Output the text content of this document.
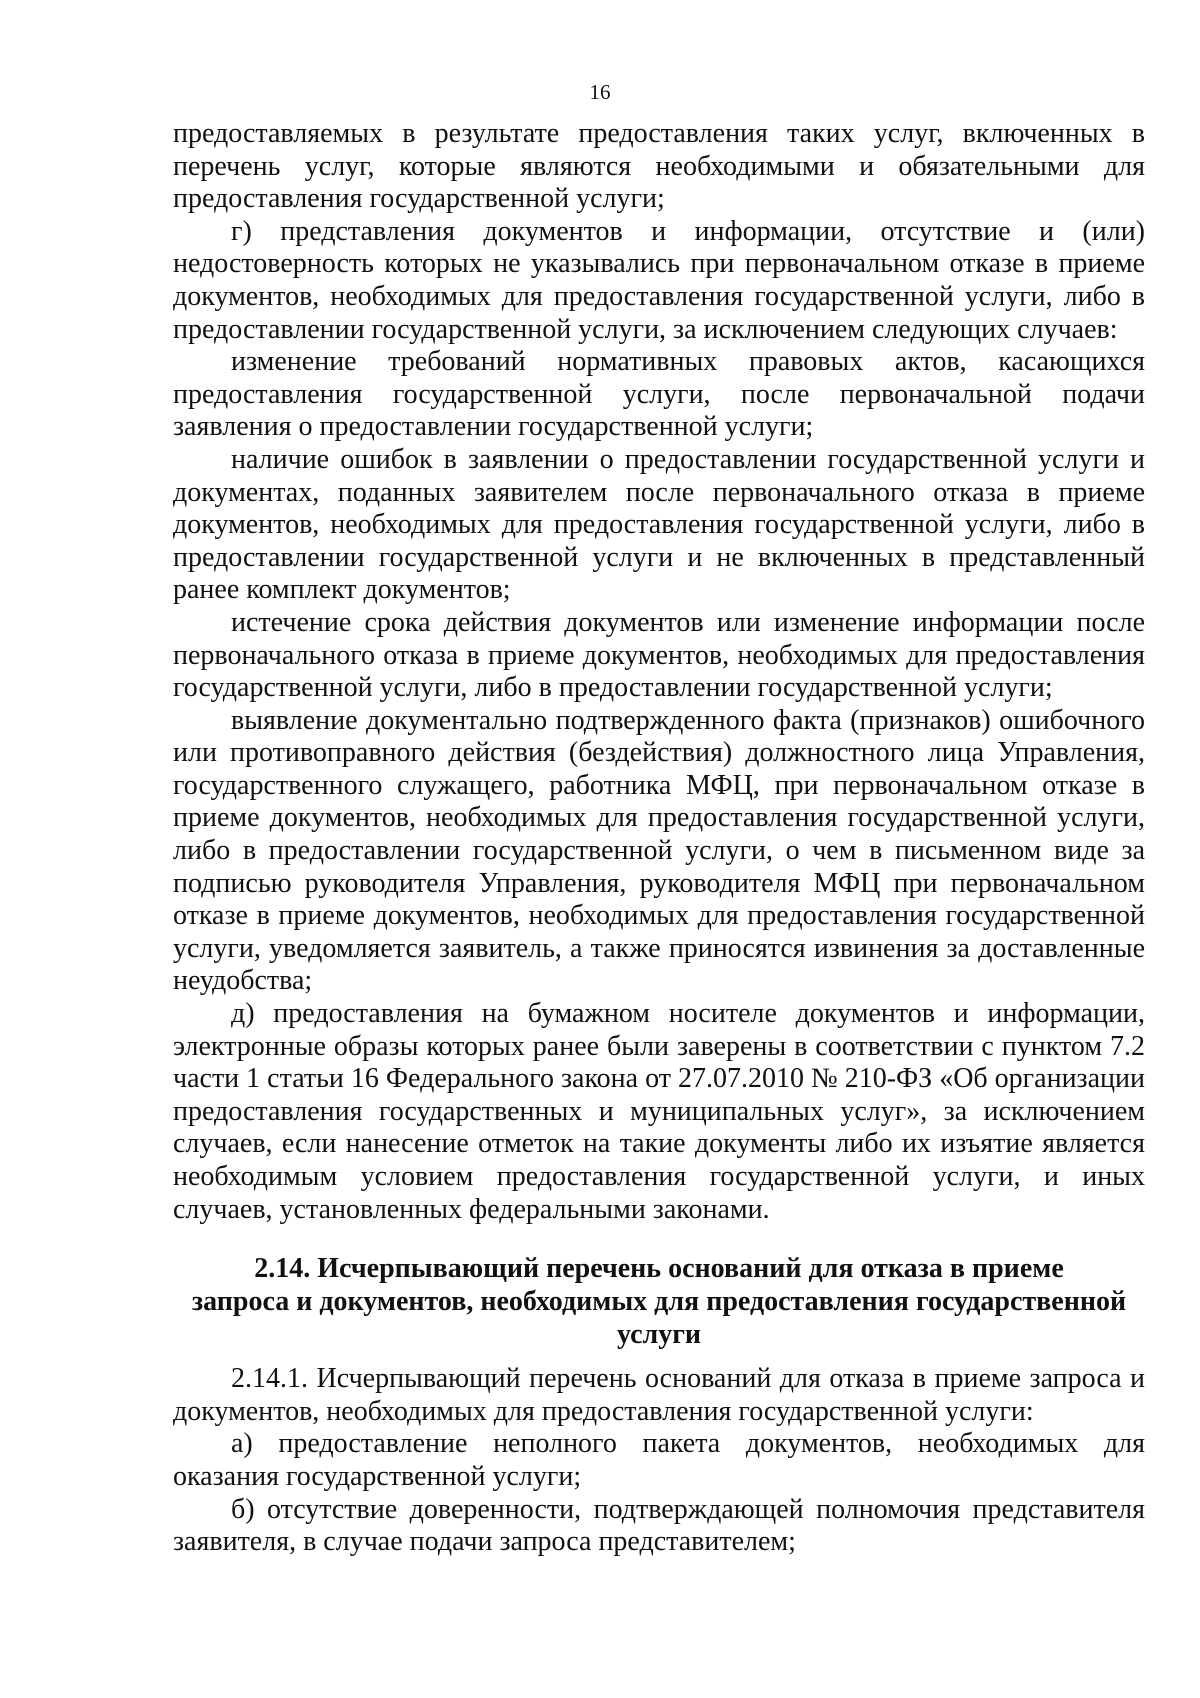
16

предоставляемых в результате предоставления таких услуг, включенных в перечень услуг, которые являются необходимыми и обязательными для предоставления государственной услуги;

г) представления документов и информации, отсутствие и (или) недостоверность которых не указывались при первоначальном отказе в приеме документов, необходимых для предоставления государственной услуги, либо в предоставлении государственной услуги, за исключением следующих случаев:

изменение требований нормативных правовых актов, касающихся предоставления государственной услуги, после первоначальной подачи заявления о предоставлении государственной услуги;

наличие ошибок в заявлении о предоставлении государственной услуги и документах, поданных заявителем после первоначального отказа в приеме документов, необходимых для предоставления государственной услуги, либо в предоставлении государственной услуги и не включенных в представленный ранее комплект документов;

истечение срока действия документов или изменение информации после первоначального отказа в приеме документов, необходимых для предоставления государственной услуги, либо в предоставлении государственной услуги;

выявление документально подтвержденного факта (признаков) ошибочного или противоправного действия (бездействия) должностного лица Управления, государственного служащего, работника МФЦ, при первоначальном отказе в приеме документов, необходимых для предоставления государственной услуги, либо в предоставлении государственной услуги, о чем в письменном виде за подписью руководителя Управления, руководителя МФЦ при первоначальном отказе в приеме документов, необходимых для предоставления государственной услуги, уведомляется заявитель, а также приносятся извинения за доставленные неудобства;

д) предоставления на бумажном носителе документов и информации, электронные образы которых ранее были заверены в соответствии с пунктом 7.2 части 1 статьи 16 Федерального закона от 27.07.2010 № 210-ФЗ «Об организации предоставления государственных и муниципальных услуг», за исключением случаев, если нанесение отметок на такие документы либо их изъятие является необходимым условием предоставления государственной услуги, и иных случаев, установленных федеральными законами.

2.14. Исчерпывающий перечень оснований для отказа в приеме
запроса и документов, необходимых для предоставления государственной
услуги

2.14.1. Исчерпывающий перечень оснований для отказа в приеме запроса и документов, необходимых для предоставления государственной услуги:

а) предоставление неполного пакета документов, необходимых для оказания государственной услуги;

б) отсутствие доверенности, подтверждающей полномочия представителя заявителя, в случае подачи запроса представителем;
